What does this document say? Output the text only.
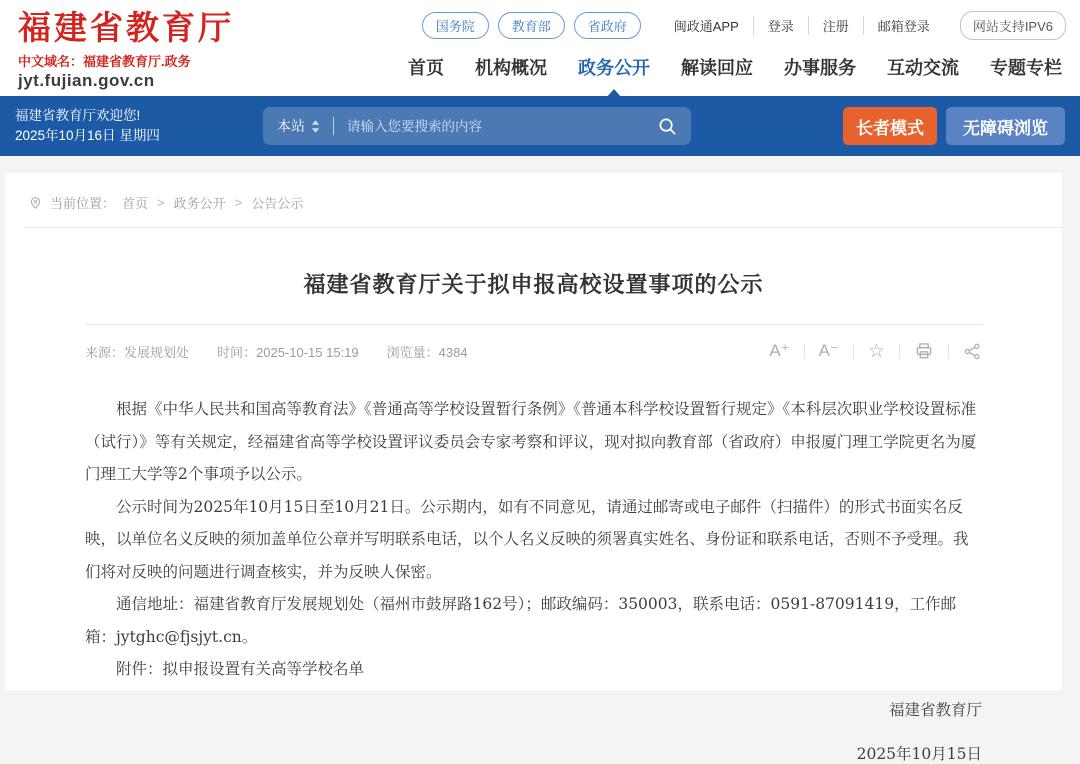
福建省教育厅
中文域名：福建省教育厅.政务
jyt.fujian.gov.cn
国务院	教育部	省政府	闽政通APP	登录	注册	邮箱登录	网站支持IPV6
首页 机构概况 政务公开 解读回应 办事服务 互动交流 专题专栏
福建省教育厅欢迎您!
2025年10月16日 星期四
本站
请输入您要搜索的内容	长者模式	无障碍浏览
当前位置： 首页 > 政务公开 > 公告公示
福建省教育厅关于拟申报高校设置事项的公示
来源：发展规划处 时间：2025-10-15 15:19 浏览量：4384	A⁺ A⁻ ☆

根据《中华人民共和国高等教育法》《普通高等学校设置暂行条例》《普通本科学校设置暂行规定》《本科层次职业学校设置标准（试行）》等有关规定，经福建省高等学校设置评议委员会专家考察和评议，现对拟向教育部（省政府）申报厦门理工学院更名为厦门理工大学等2个事项予以公示。

公示时间为2025年10月15日至10月21日。公示期内，如有不同意见，请通过邮寄或电子邮件（扫描件）的形式书面实名反映，以单位名义反映的须加盖单位公章并写明联系电话，以个人名义反映的须署真实姓名、身份证和联系电话，否则不予受理。我们将对反映的问题进行调查核实，并为反映人保密。

通信地址：福建省教育厅发展规划处（福州市鼓屏路162号）；邮政编码：350003，联系电话：0591-87091419，工作邮箱：jytghc@fjsjyt.cn。

附件：拟申报设置有关高等学校名单

福建省教育厅
2025年10月15日
